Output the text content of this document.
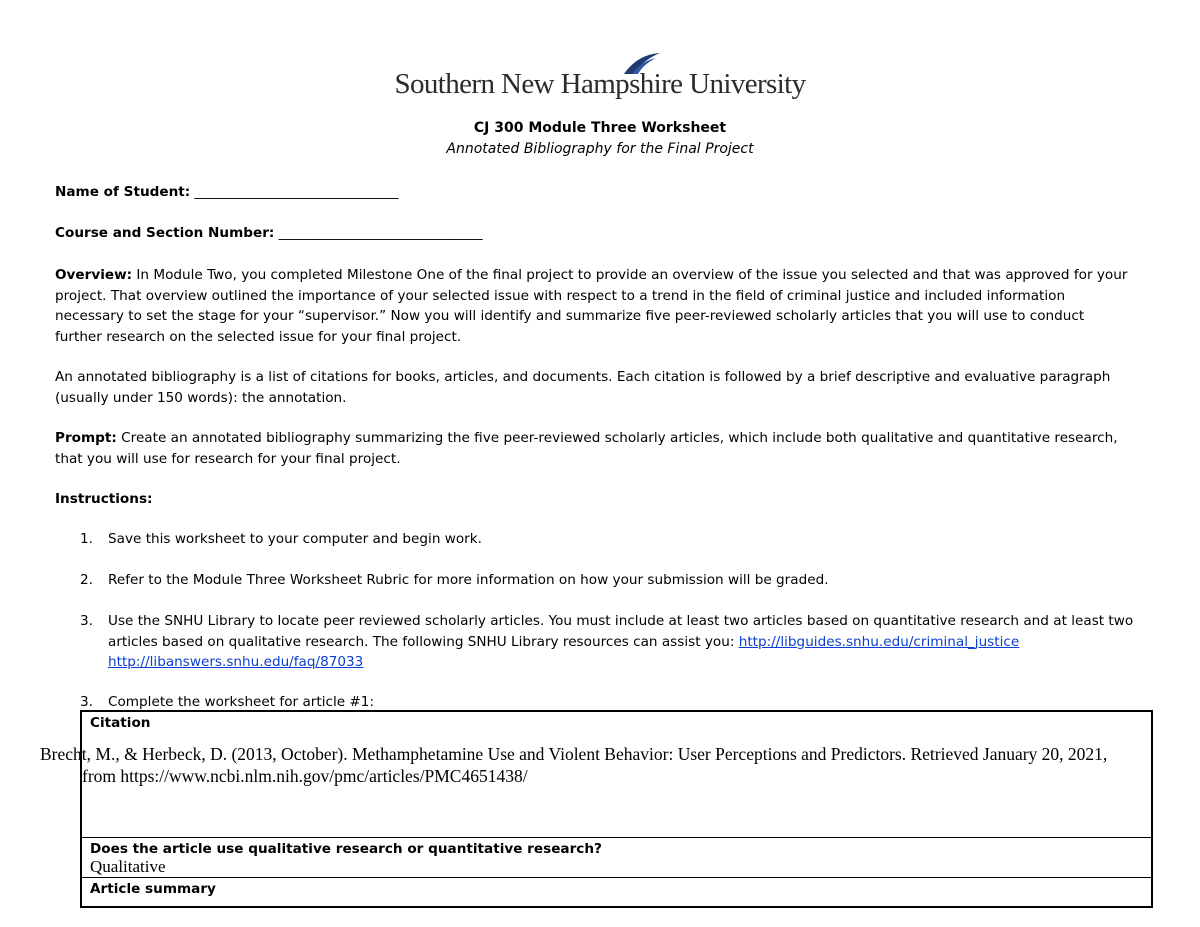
Southern New Hampshire University
CJ 300 Module Three Worksheet
Annotated Bibliography for the Final Project
Name of Student: ______________________________
Course and Section Number: ______________________________
Overview: In Module Two, you completed Milestone One of the final project to provide an overview of the issue you selected and that was approved for your project. That overview outlined the importance of your selected issue with respect to a trend in the field of criminal justice and included information necessary to set the stage for your “supervisor.” Now you will identify and summarize five peer-reviewed scholarly articles that you will use to conduct further research on the selected issue for your final project.
An annotated bibliography is a list of citations for books, articles, and documents. Each citation is followed by a brief descriptive and evaluative paragraph (usually under 150 words): the annotation.
Prompt: Create an annotated bibliography summarizing the five peer-reviewed scholarly articles, which include both qualitative and quantitative research, that you will use for research for your final project.
Instructions:
1. Save this worksheet to your computer and begin work.
2. Refer to the Module Three Worksheet Rubric for more information on how your submission will be graded.
3. Use the SNHU Library to locate peer reviewed scholarly articles. You must include at least two articles based on quantitative research and at least two articles based on qualitative research. The following SNHU Library resources can assist you: http://libguides.snhu.edu/criminal_justice
http://libanswers.snhu.edu/faq/87033
3. Complete the worksheet for article #1:
Citation
Brecht, M., & Herbeck, D. (2013, October). Methamphetamine Use and Violent Behavior: User Perceptions and Predictors. Retrieved January 20, 2021, from https://www.ncbi.nlm.nih.gov/pmc/articles/PMC4651438/
Does the article use qualitative research or quantitative research?
Qualitative
Article summary
